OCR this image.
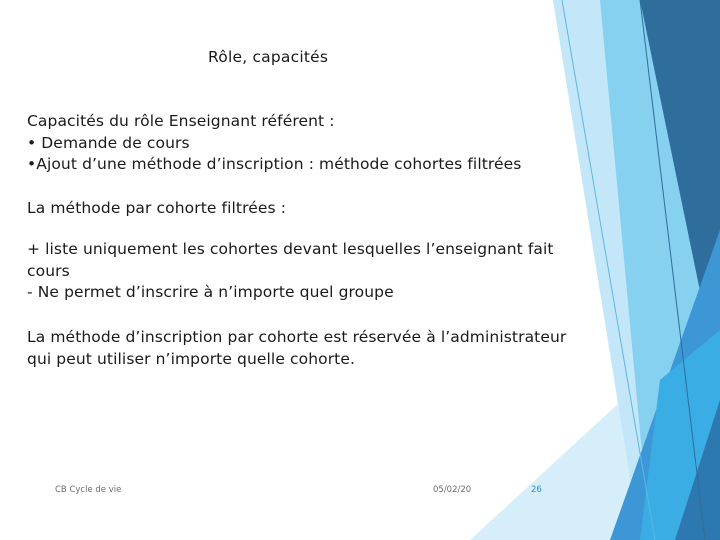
Rôle, capacités
Capacités du rôle Enseignant référent :
• Demande de cours
•Ajout d’une méthode d’inscription : méthode cohortes filtrées
La méthode par cohorte filtrées :
+ liste uniquement les cohortes devant lesquelles l’enseignant fait
cours
- Ne permet d’inscrire à n’importe quel groupe
La méthode d’inscription par cohorte est réservée à l’administrateur
qui peut utiliser n’importe quelle cohorte.
CB Cycle de vie	05/02/20	26
